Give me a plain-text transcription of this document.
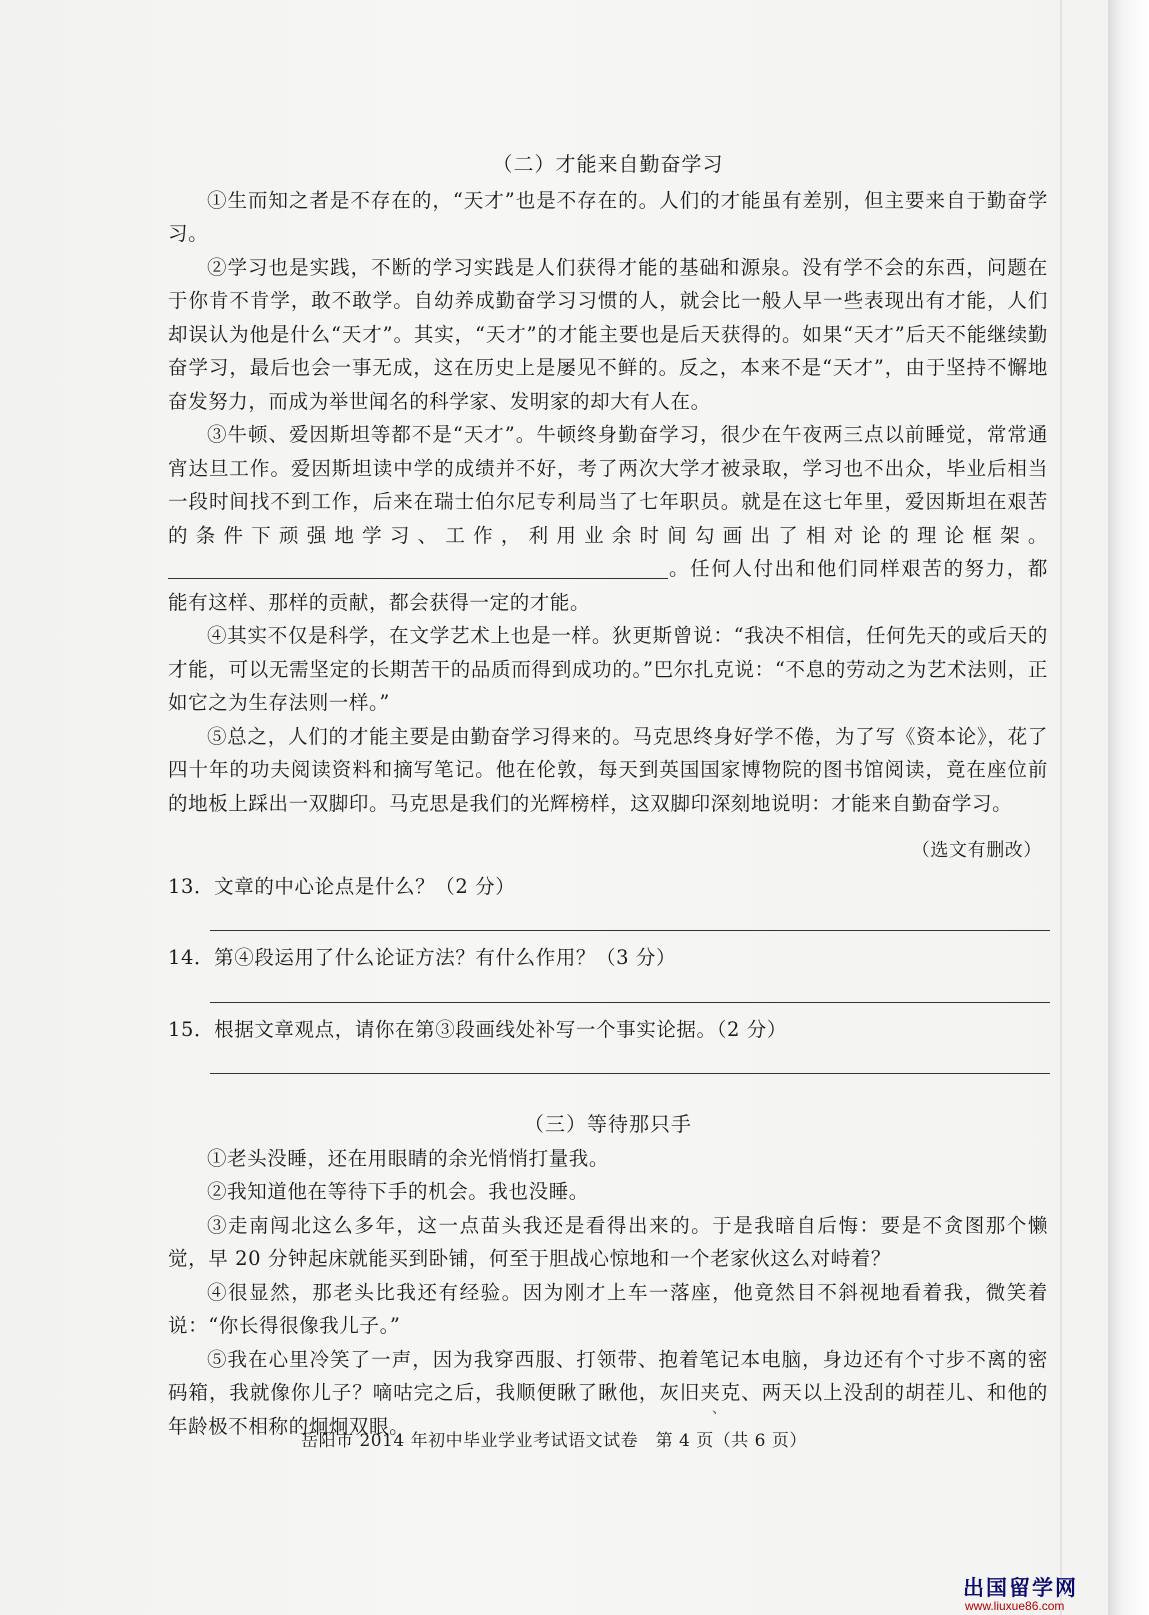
（二）才能来自勤奋学习

①生而知之者是不存在的，“天才”也是不存在的。人们的才能虽有差别，但主要来自于勤奋学习。

②学习也是实践，不断的学习实践是人们获得才能的基础和源泉。没有学不会的东西，问题在于你肯不肯学，敢不敢学。自幼养成勤奋学习习惯的人，就会比一般人早一些表现出有才能，人们却误认为他是什么“天才”。其实，“天才”的才能主要也是后天获得的。如果“天才”后天不能继续勤奋学习，最后也会一事无成，这在历史上是屡见不鲜的。反之，本来不是“天才”，由于坚持不懈地奋发努力，而成为举世闻名的科学家、发明家的却大有人在。

③牛顿、爱因斯坦等都不是“天才”。牛顿终身勤奋学习，很少在午夜两三点以前睡觉，常常通宵达旦工作。爱因斯坦读中学的成绩并不好，考了两次大学才被录取，学习也不出众，毕业后相当一段时间找不到工作，后来在瑞士伯尔尼专利局当了七年职员。就是在这七年里，爱因斯坦在艰苦的条件下顽强地学习、工作，利用业余时间勾画出了相对论的理论框架。。任何人付出和他们同样艰苦的努力，都能有这样、那样的贡献，都会获得一定的才能。

④其实不仅是科学，在文学艺术上也是一样。狄更斯曾说：“我决不相信，任何先天的或后天的才能，可以无需坚定的长期苦干的品质而得到成功的。”巴尔扎克说：“不息的劳动之为艺术法则，正如它之为生存法则一样。”

⑤总之，人们的才能主要是由勤奋学习得来的。马克思终身好学不倦，为了写《资本论》，花了四十年的功夫阅读资料和摘写笔记。他在伦敦，每天到英国国家博物院的图书馆阅读，竟在座位前的地板上踩出一双脚印。马克思是我们的光辉榜样，这双脚印深刻地说明：才能来自勤奋学习。

（选文有删改）

13．文章的中心论点是什么？（2 分）

14．第④段运用了什么论证方法？有什么作用？（3 分）

15．根据文章观点，请你在第③段画线处补写一个事实论据。（2 分）

（三）等待那只手

①老头没睡，还在用眼睛的余光悄悄打量我。

②我知道他在等待下手的机会。我也没睡。

③走南闯北这么多年，这一点苗头我还是看得出来的。于是我暗自后悔：要是不贪图那个懒觉，早 20 分钟起床就能买到卧铺，何至于胆战心惊地和一个老家伙这么对峙着？

④很显然，那老头比我还有经验。因为刚才上车一落座，他竟然目不斜视地看着我，微笑着说：“你长得很像我儿子。”

⑤我在心里冷笑了一声，因为我穿西服、打领带、抱着笔记本电脑，身边还有个寸步不离的密码箱，我就像你儿子？嘀咕完之后，我顺便瞅了瞅他，灰旧夹克、两天以上没刮的胡茬儿、和他的年龄极不相称的炯炯双眼。

、
岳阳市 2014 年初中毕业学业考试语文试卷　第 4 页（共 6 页）
出国留学网
www.liuxue86.com
